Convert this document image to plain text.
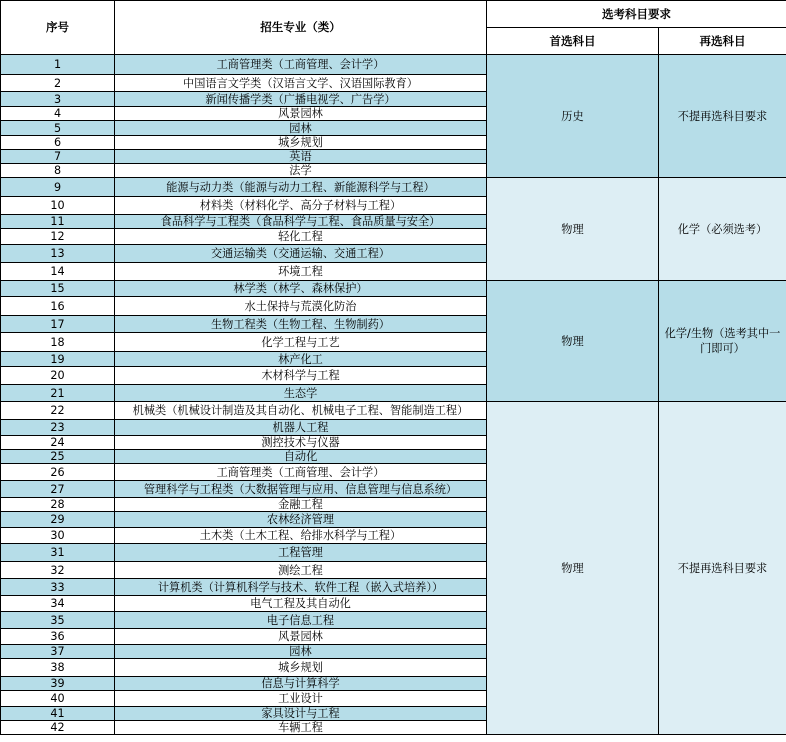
序号	招生专业（类）	选考科目要求	
		首选科目	再选科目
1	工商管理类（工商管理、会计学）	历史	不提再选科目要求
2	中国语言文学类（汉语言文学、汉语国际教育）		
3	新闻传播学类（广播电视学、广告学）		
4	风景园林		
5	园林		
6	城乡规划		
7	英语		
8	法学		
9	能源与动力类（能源与动力工程、新能源科学与工程）	物理	化学（必须选考）
10	材料类（材料化学、高分子材料与工程）		
11	食品科学与工程类（食品科学与工程、食品质量与安全）		
12	轻化工程		
13	交通运输类（交通运输、交通工程）		
14	环境工程		
15	林学类（林学、森林保护）	物理	化学/生物（选考其中一门即可）
16	水土保持与荒漠化防治		
17	生物工程类（生物工程、生物制药）		
18	化学工程与工艺		
19	林产化工		
20	木材科学与工程		
21	生态学		
22	机械类（机械设计制造及其自动化、机械电子工程、智能制造工程）	物理	不提再选科目要求
23	机器人工程		
24	测控技术与仪器		
25	自动化		
26	工商管理类（工商管理、会计学）		
27	管理科学与工程类（大数据管理与应用、信息管理与信息系统）		
28	金融工程		
29	农林经济管理		
30	土木类（土木工程、给排水科学与工程）		
31	工程管理		
32	测绘工程		
33	计算机类（计算机科学与技术、软件工程（嵌入式培养））		
34	电气工程及其自动化		
35	电子信息工程		
36	风景园林		
37	园林		
38	城乡规划		
39	信息与计算科学		
40	工业设计		
41	家具设计与工程		
42	车辆工程		
